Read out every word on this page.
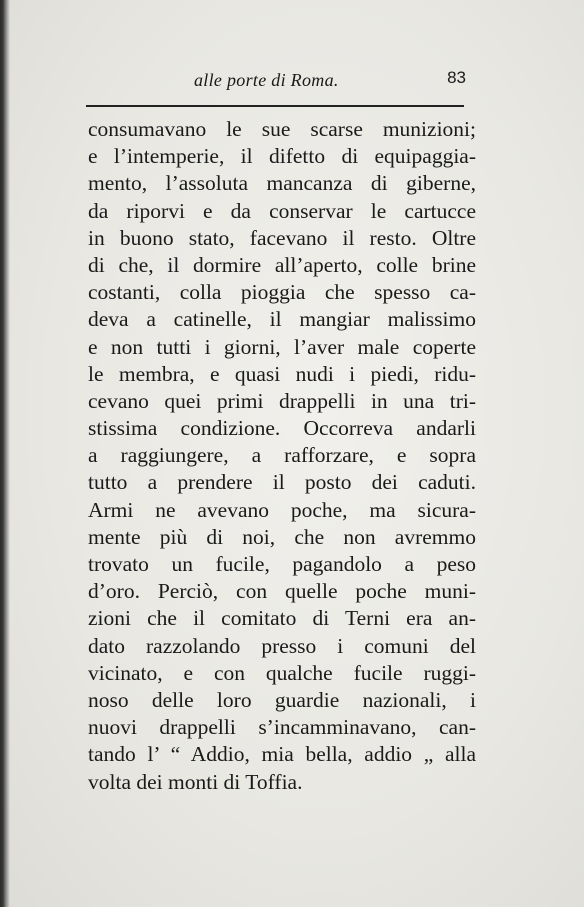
alle porte di Roma.	83
consumavano le sue scarse munizioni;
e l’intemperie, il difetto di equipaggia-
mento, l’assoluta mancanza di giberne,
da riporvi e da conservar le cartucce
in buono stato, facevano il resto. Oltre
di che, il dormire all’aperto, colle brine
costanti, colla pioggia che spesso ca-
deva a catinelle, il mangiar malissimo
e non tutti i giorni, l’aver male coperte
le membra, e quasi nudi i piedi, ridu-
cevano quei primi drappelli in una tri-
stissima condizione. Occorreva andarli
a raggiungere, a rafforzare, e sopra
tutto a prendere il posto dei caduti.
Armi ne avevano poche, ma sicura-
mente più di noi, che non avremmo
trovato un fucile, pagandolo a peso
d’oro. Perciò, con quelle poche muni-
zioni che il comitato di Terni era an-
dato razzolando presso i comuni del
vicinato, e con qualche fucile ruggi-
noso delle loro guardie nazionali, i
nuovi drappelli s’incamminavano, can-
tando l’ “ Addio, mia bella, addio „ alla
volta dei monti di Toffia.
